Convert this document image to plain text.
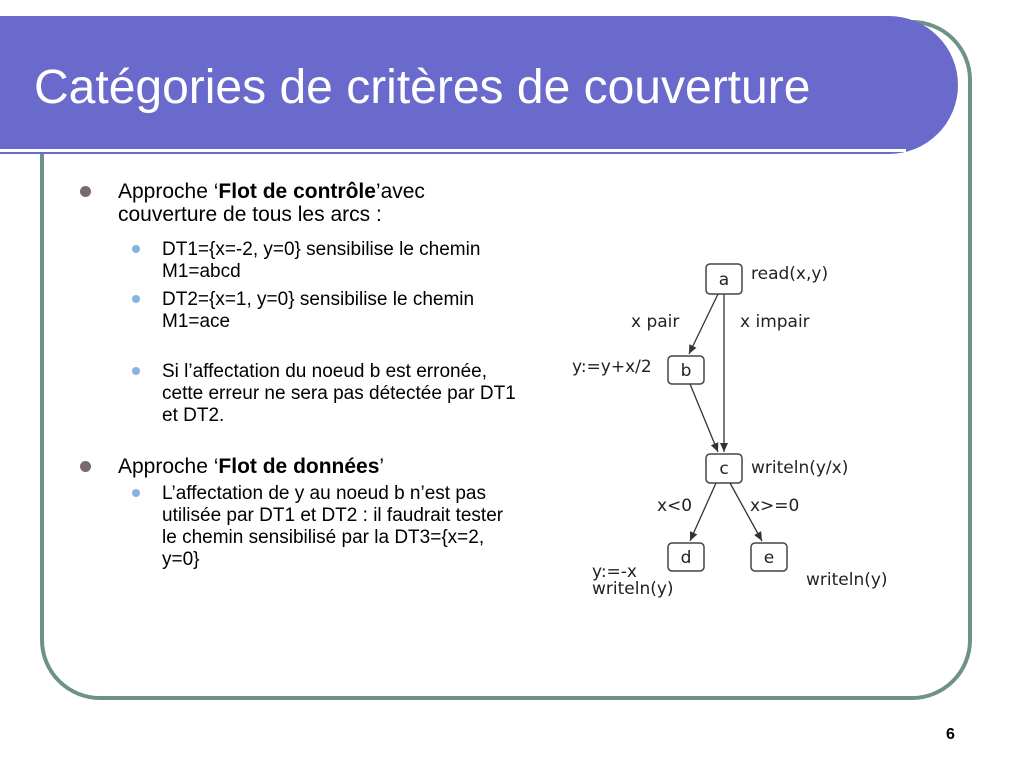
Catégories de critères de couverture
Approche ‘Flot de contrôle’avec couverture de tous les arcs :
DT1={x=-2, y=0} sensibilise le chemin M1=abcd
DT2={x=1, y=0} sensibilise le chemin M1=ace
Si l’affectation du noeud b est erronée, cette erreur ne sera pas détectée par DT1 et DT2.
Approche ‘Flot de données’
L’affectation de y au noeud b n’est pas utilisée par DT1 et DT2 : il faudrait tester le chemin sensibilisé par la DT3={x=2, y=0}
a
b
c
d	e
read(x,y)
y:=y+x/2
writeln(y/x)
y:=-x
writeln(y)	writeln(y)
x pair	x impair
x<0	x>=0
6
